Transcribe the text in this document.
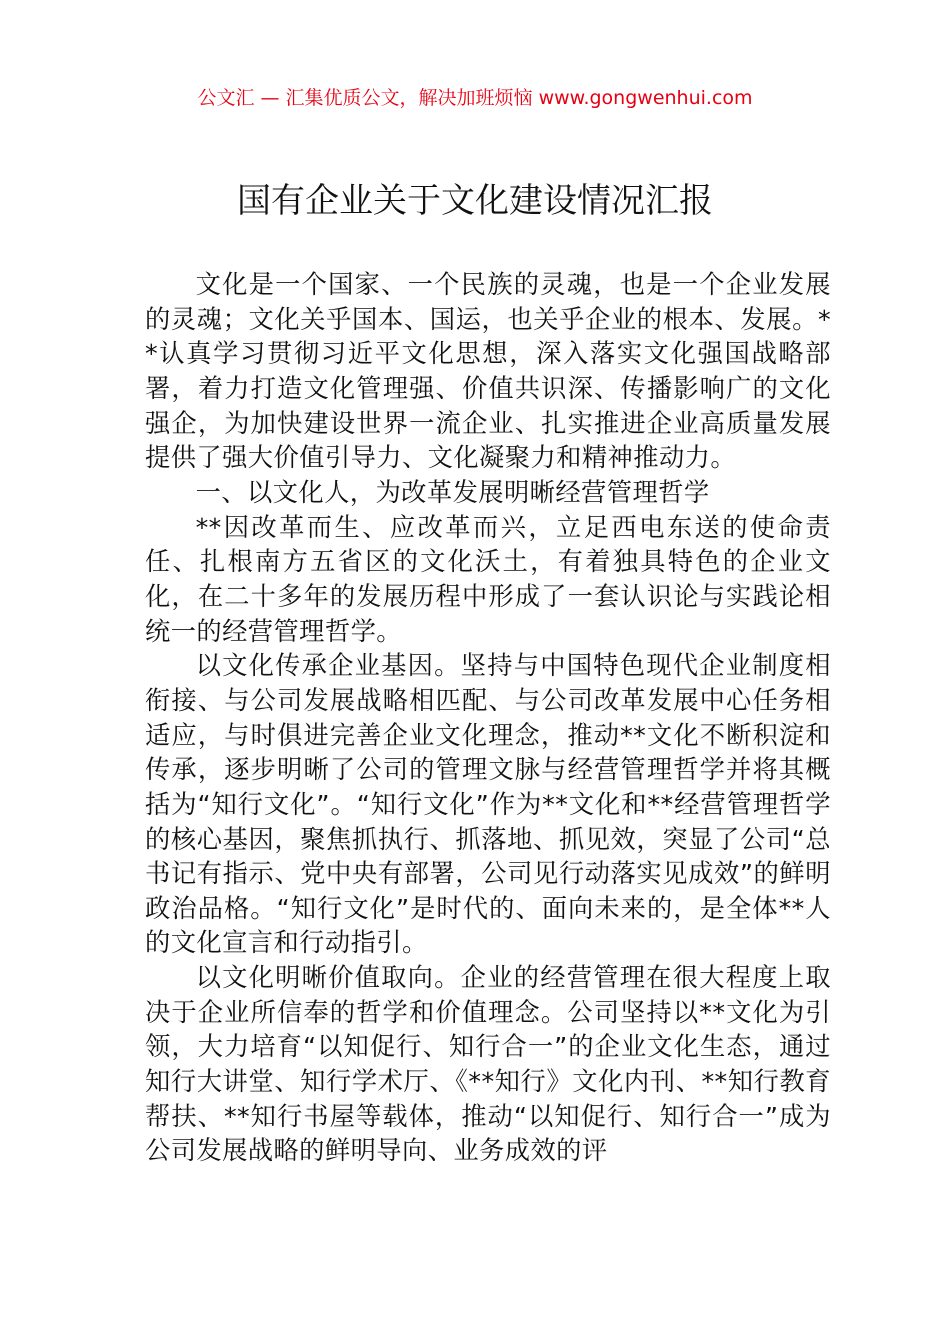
公文汇 — 汇集优质公文，解决加班烦恼 www.gongwenhui.com
国有企业关于文化建设情况汇报

文化是一个国家、一个民族的灵魂，也是一个企业发展的灵魂；文化关乎国本、国运，也关乎企业的根本、发展。**认真学习贯彻习近平文化思想，深入落实文化强国战略部署，着力打造文化管理强、价值共识深、传播影响广的文化强企，为加快建设世界一流企业、扎实推进企业高质量发展提供了强大价值引导力、文化凝聚力和精神推动力。

一、以文化人，为改革发展明晰经营管理哲学

**因改革而生、应改革而兴，立足西电东送的使命责任、扎根南方五省区的文化沃土，有着独具特色的企业文化，在二十多年的发展历程中形成了一套认识论与实践论相统一的经营管理哲学。

以文化传承企业基因。坚持与中国特色现代企业制度相衔接、与公司发展战略相匹配、与公司改革发展中心任务相适应，与时俱进完善企业文化理念，推动**文化不断积淀和传承，逐步明晰了公司的管理文脉与经营管理哲学并将其概括为“知行文化”。“知行文化”作为**文化和**经营管理哲学的核心基因，聚焦抓执行、抓落地、抓见效，突显了公司“总书记有指示、党中央有部署，公司见行动落实见成效”的鲜明政治品格。“知行文化”是时代的、面向未来的，是全体**人的文化宣言和行动指引。

以文化明晰价值取向。企业的经营管理在很大程度上取决于企业所信奉的哲学和价值理念。公司坚持以**文化为引领，大力培育“以知促行、知行合一”的企业文化生态，通过知行大讲堂、知行学术厅、《**知行》文化内刊、**知行教育帮扶、**知行书屋等载体，推动“以知促行、知行合一”成为公司发展战略的鲜明导向、业务成效的评
